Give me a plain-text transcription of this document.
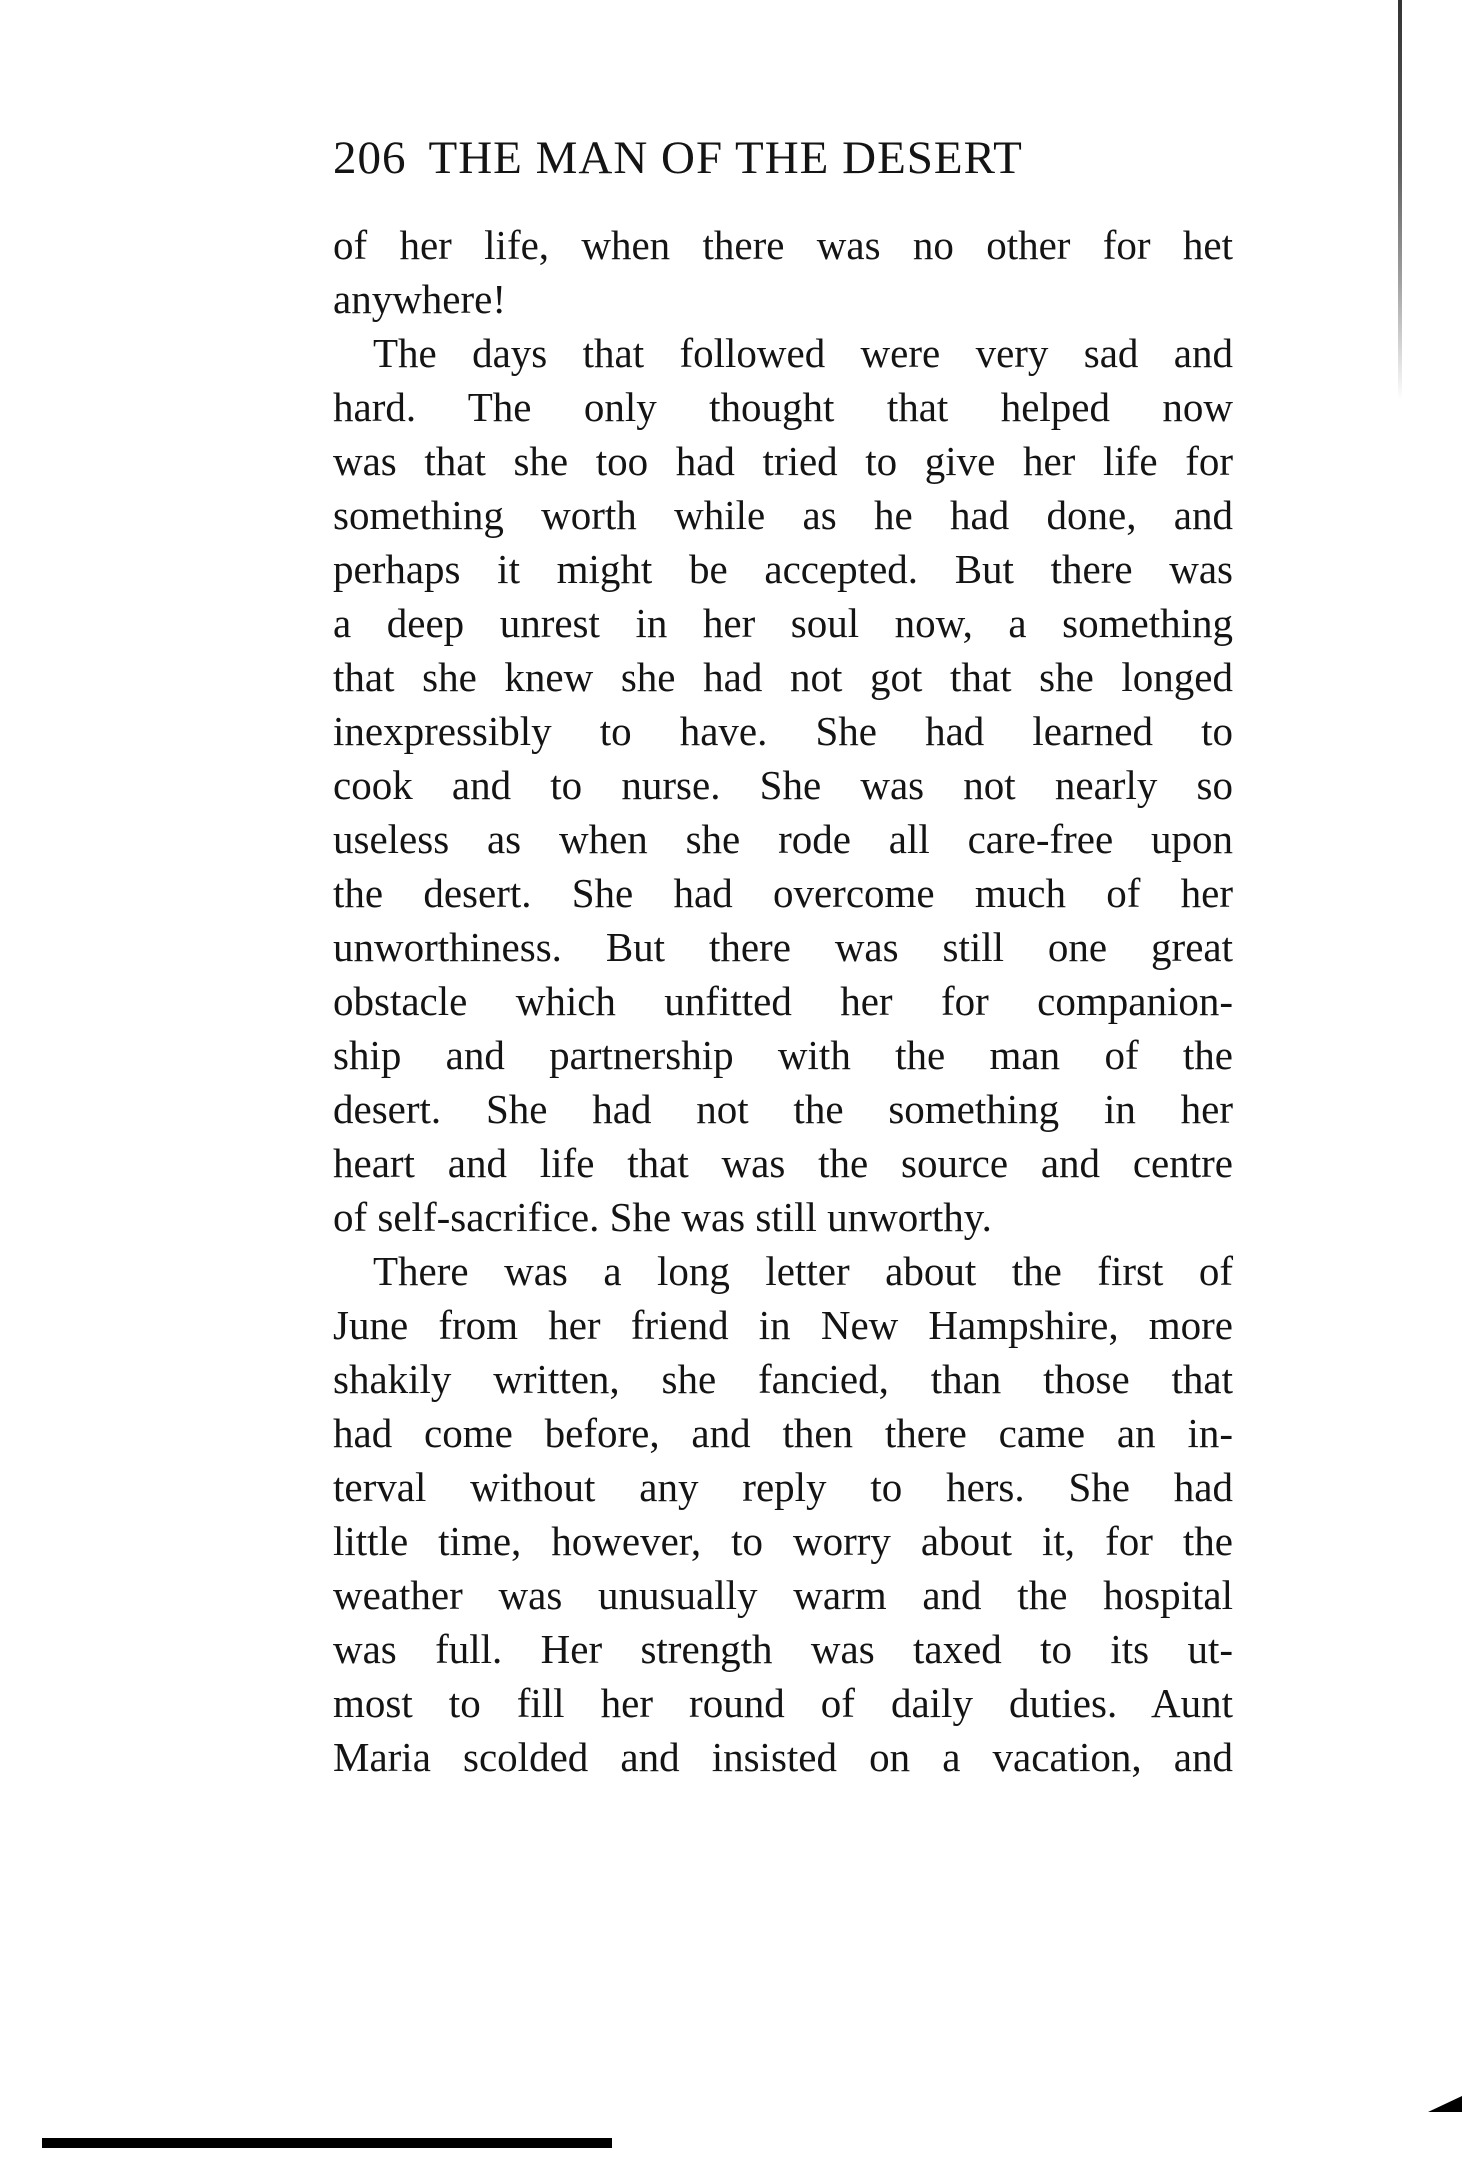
206 THE MAN OF THE DESERT
of her life, when there was no other for het
anywhere!
The days that followed were very sad and
hard. The only thought that helped now
was that she too had tried to give her life for
something worth while as he had done, and
perhaps it might be accepted. But there was
a deep unrest in her soul now, a something
that she knew she had not got that she longed
inexpressibly to have. She had learned to
cook and to nurse. She was not nearly so
useless as when she rode all care-free upon
the desert. She had overcome much of her
unworthiness. But there was still one great
obstacle which unfitted her for companion-
ship and partnership with the man of the
desert. She had not the something in her
heart and life that was the source and centre
of self-sacrifice. She was still unworthy.
There was a long letter about the first of
June from her friend in New Hampshire, more
shakily written, she fancied, than those that
had come before, and then there came an in-
terval without any reply to hers. She had
little time, however, to worry about it, for the
weather was unusually warm and the hospital
was full. Her strength was taxed to its ut-
most to fill her round of daily duties. Aunt
Maria scolded and insisted on a vacation, and
